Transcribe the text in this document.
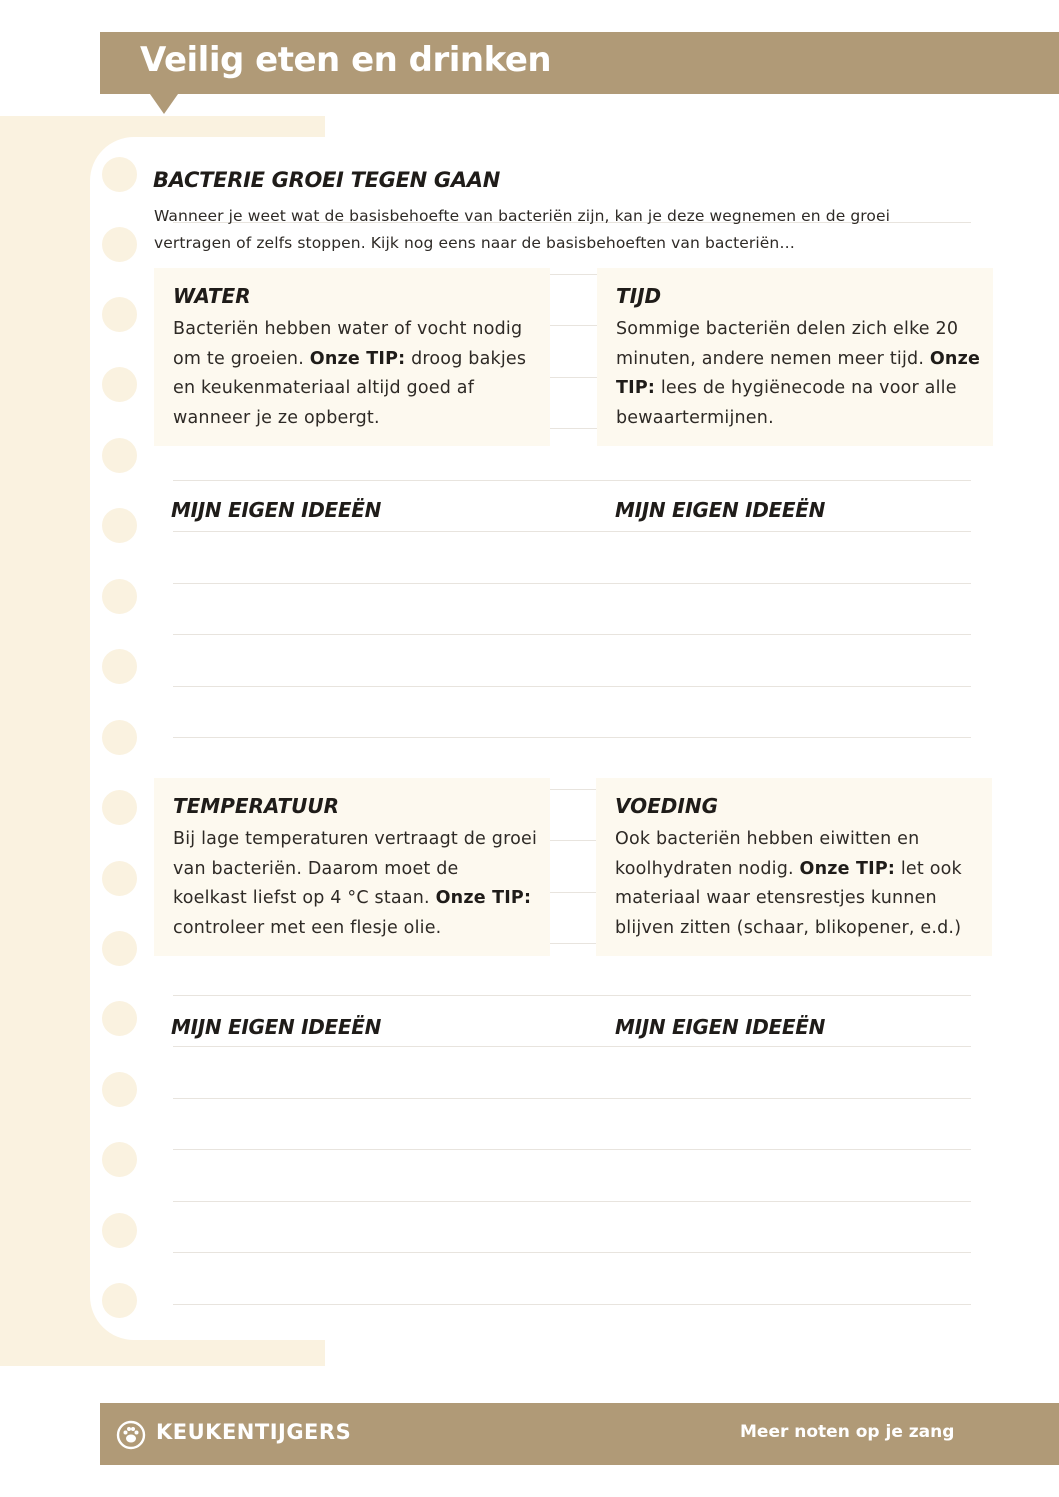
Veilig eten en drinken
BACTERIE GROEI TEGEN GAAN

Wanneer je weet wat de basisbehoefte van bacteriën zijn, kan je deze wegnemen en de groei vertragen of zelfs stoppen. Kijk nog eens naar de basisbehoeften van bacteriën…

WATER

Bacteriën hebben water of vocht nodig om te groeien. Onze TIP: droog bakjes en keukenmateriaal altijd goed af wanneer je ze opbergt.

TIJD

Sommige bacteriën delen zich elke 20 minuten, andere nemen meer tijd. Onze TIP: lees de hygiënecode na voor alle bewaartermijnen.

MIJN EIGEN IDEEËN	MIJN EIGEN IDEEËN
TEMPERATUUR

Bij lage temperaturen vertraagt de groei van bacteriën. Daarom moet de koelkast liefst op 4 °C staan. Onze TIP: controleer met een flesje olie.

VOEDING

Ook bacteriën hebben eiwitten en koolhydraten nodig. Onze TIP: let ook materiaal waar etensrestjes kunnen blijven zitten (schaar, blikopener, e.d.)

MIJN EIGEN IDEEËN	MIJN EIGEN IDEEËN
KEUKENTIJGERS	Meer noten op je zang
